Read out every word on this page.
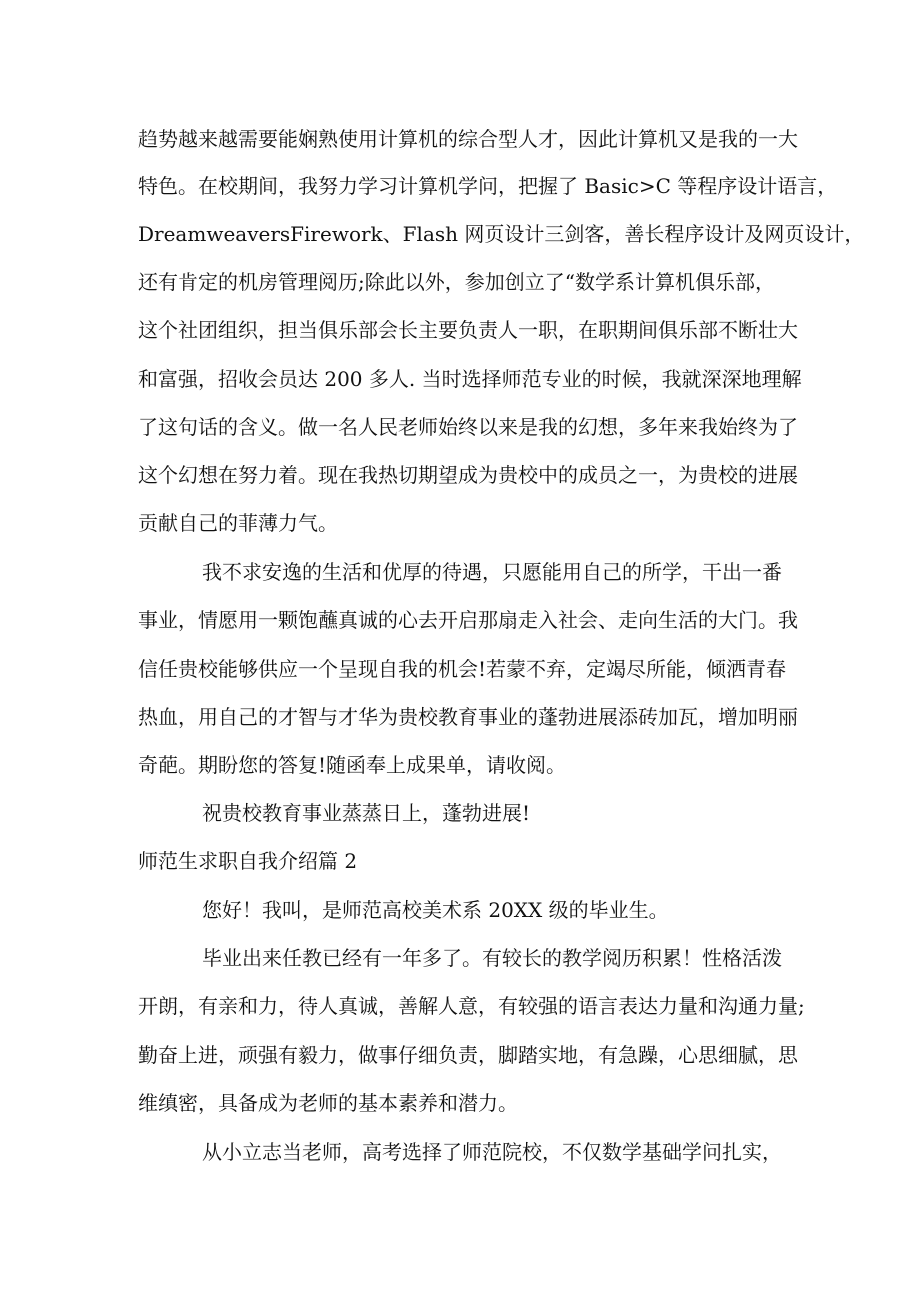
趋势越来越需要能娴熟使用计算机的综合型人才，因此计算机又是我的一大
特色。在校期间，我努力学习计算机学问，把握了 Basic>C 等程序设计语言，
DreamweaversFirework、Flash 网页设计三剑客，善长程序设计及网页设计，
还有肯定的机房管理阅历;除此以外，参加创立了“数学系计算机俱乐部，
这个社团组织，担当俱乐部会长主要负责人一职，在职期间俱乐部不断壮大
和富强，招收会员达 200 多人. 当时选择师范专业的时候，我就深深地理解
了这句话的含义。做一名人民老师始终以来是我的幻想，多年来我始终为了
这个幻想在努力着。现在我热切期望成为贵校中的成员之一，为贵校的进展
贡献自己的菲薄力气。
我不求安逸的生活和优厚的待遇，只愿能用自己的所学，干出一番
事业，情愿用一颗饱蘸真诚的心去开启那扇走入社会、走向生活的大门。我
信任贵校能够供应一个呈现自我的机会!若蒙不弃，定竭尽所能，倾洒青春
热血，用自己的才智与才华为贵校教育事业的蓬勃进展添砖加瓦，增加明丽
奇葩。期盼您的答复!随函奉上成果单，请收阅。
祝贵校教育事业蒸蒸日上，蓬勃进展!
师范生求职自我介绍篇 2
您好！我叫，是师范高校美术系 20XX 级的毕业生。
毕业出来任教已经有一年多了。有较长的教学阅历积累！性格活泼
开朗，有亲和力，待人真诚，善解人意，有较强的语言表达力量和沟通力量;
勤奋上进，顽强有毅力，做事仔细负责，脚踏实地，有急躁，心思细腻，思
维缜密，具备成为老师的基本素养和潜力。
从小立志当老师，高考选择了师范院校，不仅数学基础学问扎实，
